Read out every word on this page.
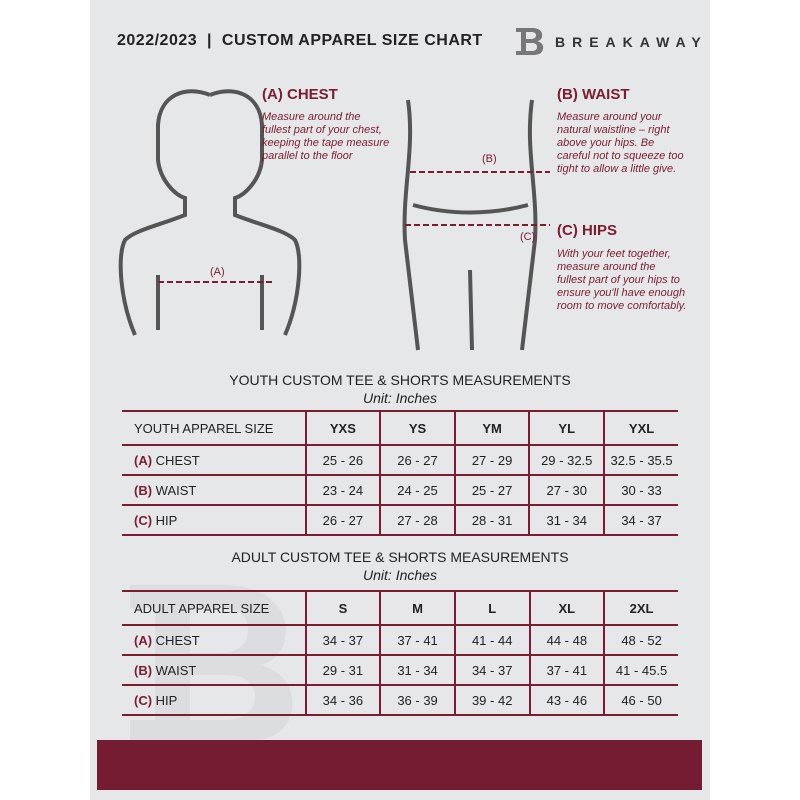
2022/2023  |  CUSTOM APPAREL SIZE CHART	BREAKAWAY
(A)
(B)
(C)
(A) CHEST
Measure around the fullest part of your chest, keeping the tape measure parallel to the floor
(B) WAIST
Measure around your natural waistline – right above your hips. Be careful not to squeeze too tight to allow a little give.
(C) HIPS
With your feet together, measure around the fullest part of your hips to ensure you'll have enough room to move comfortably.
YOUTH CUSTOM TEE & SHORTS MEASUREMENTS
Unit: Inches
YOUTH APPAREL SIZE	YXS	YS	YM	YL	YXL
(A) CHEST	25 - 26	26 - 27	27 - 29	29 - 32.5	32.5 - 35.5
(B) WAIST	23 - 24	24 - 25	25 - 27	27 - 30	30 - 33
(C) HIP	26 - 27	27 - 28	28 - 31	31 - 34	34 - 37
ADULT CUSTOM TEE & SHORTS MEASUREMENTS
Unit: Inches
ADULT APPAREL SIZE	S	M	L	XL	2XL
(A) CHEST	34 - 37	37 - 41	41 - 44	44 - 48	48 - 52
(B) WAIST	29 - 31	31 - 34	34 - 37	37 - 41	41 - 45.5
(C) HIP	34 - 36	36 - 39	39 - 42	43 - 46	46 - 50
